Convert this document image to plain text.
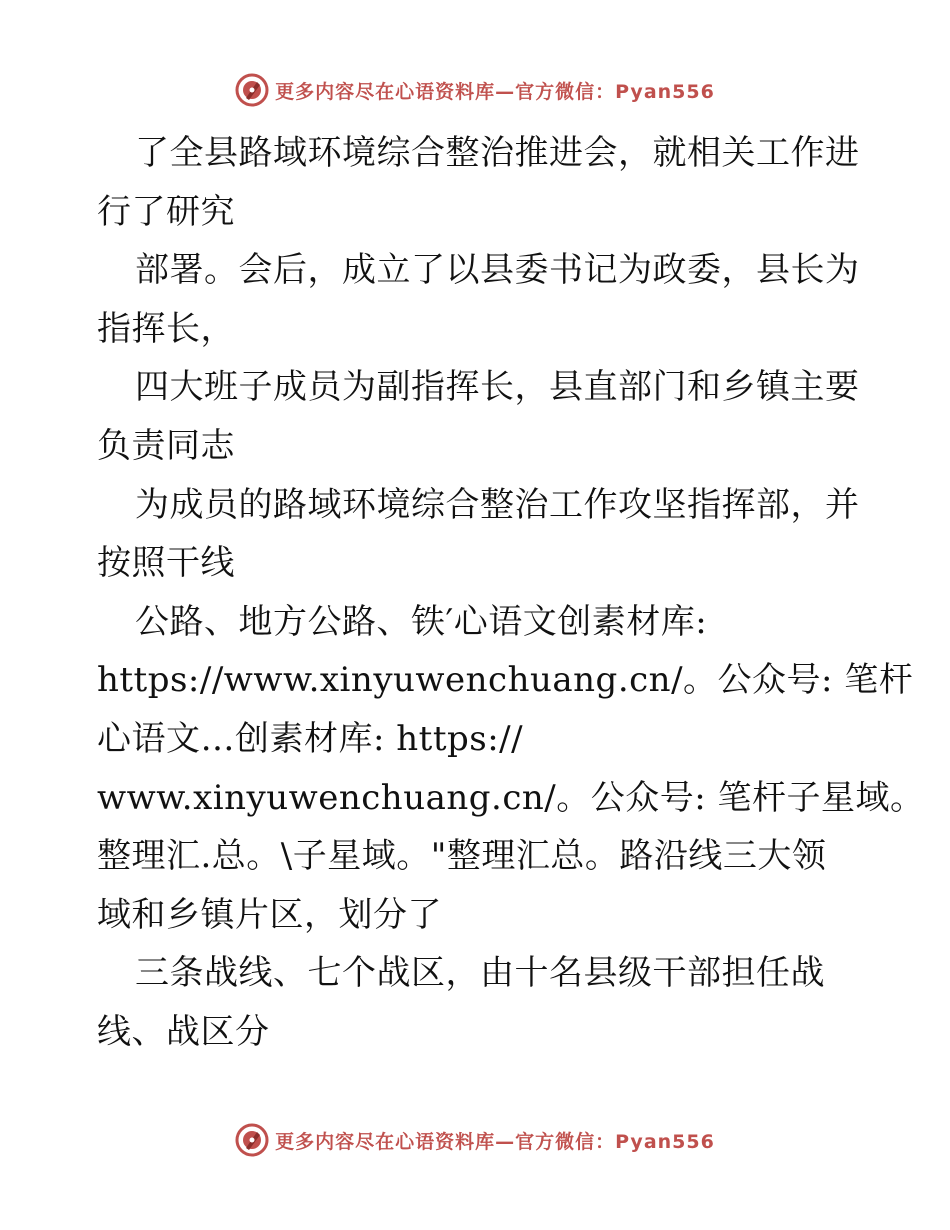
更多内容尽在心语资料库—官方微信：Pyan556
了全县路域环境综合整治推进会，就相关工作进
行了研究
部署。会后，成立了以县委书记为政委，县长为
指挥长，
四大班子成员为副指挥长，县直部门和乡镇主要
负责同志
为成员的路域环境综合整治工作攻坚指挥部，并
按照干线
公路、地方公路、铁′心语文创素材库:
https://www.xinyuwenchuang.cn/。公众号: 笔杆
心语文…创素材库: https://
www.xinyuwenchuang.cn/。公众号: 笔杆子星域。
整理汇.总。\子星域。"整理汇总。路沿线三大领
域和乡镇片区，划分了
三条战线、七个战区，由十名县级干部担任战
线、战区分
更多内容尽在心语资料库—官方微信：Pyan556
